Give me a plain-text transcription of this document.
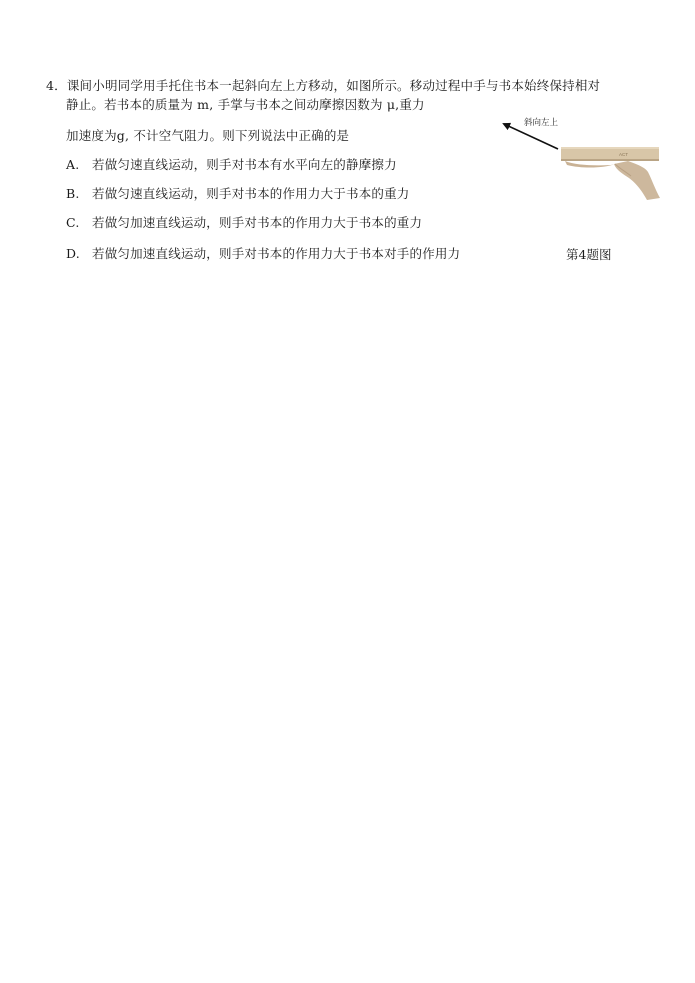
4．课间小明同学用手托住书本一起斜向左上方移动，如图所示。移动过程中手与书本始终保持相对
静止。若书本的质量为 m, 手掌与书本之间动摩擦因数为 μ,重力
加速度为g, 不计空气阻力。则下列说法中正确的是
A. 若做匀速直线运动，则手对书本有水平向左的静摩擦力
B. 若做匀速直线运动，则手对书本的作用力大于书本的重力
C. 若做匀加速直线运动，则手对书本的作用力大于书本的重力
D. 若做匀加速直线运动，则手对书本的作用力大于书本对手的作用力
ACT
斜向左上
第4题图
